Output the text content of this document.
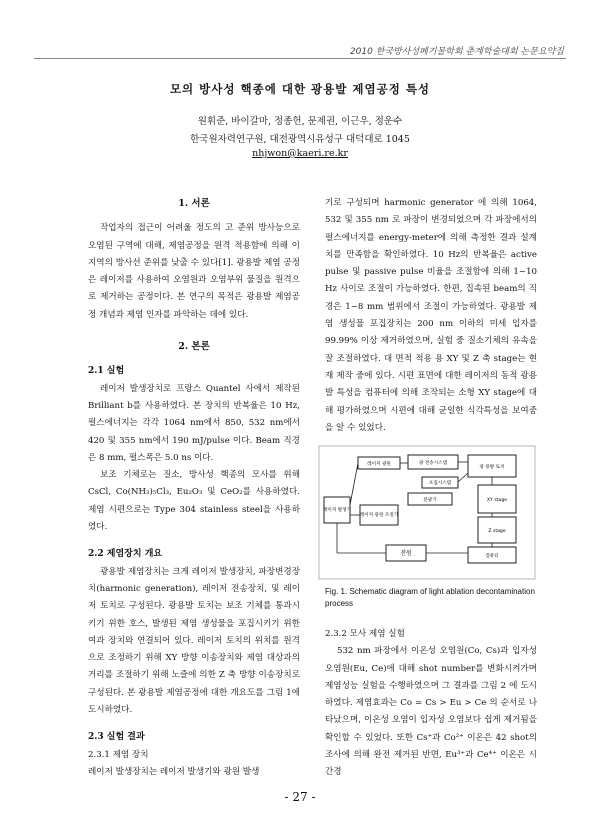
2010 한국방사성폐기물학회 춘계학술대회 논문요약집
모의 방사성 핵종에 대한 광용발 제염공정 특성
원휘준, 바이갈마, 정종헌, 문제권, 이근우, 정운수
한국원자력연구원, 대전광역시유성구 대덕대로 1045
nhjwon@kaeri.re.kr
1. 서론

작업자의 접근이 어려울 정도의 고 준위 방사능으로 오염된 구역에 대해, 제염공정을 원격 적용함에 의해 이 지역의 방사선 준위를 낮출 수 있다[1]. 광용발 제염 공정은 레이저를 사용하여 오염원과 오염부위 물질을 원격으로 제거하는 공정이다. 본 연구의 목적은 광용발 제염공정 개념과 제염 인자를 파악하는 데에 있다.

2. 본론
2.1 실험

레이저 발생장치로 프랑스 Quantel 사에서 제작된 Brilliant b를 사용하였다. 본 장치의 반복율은 10 Hz, 펄스에너지는 각각 1064 nm에서 850, 532 nm에서 420 및 355 nm에서 190 mJ/pulse 이다. Beam 직경은 8 mm, 펄스폭은 5.0 ns 이다.

보조 기체로는 질소, 방사성 핵종의 모사를 위해 CsCl, Co(NH₃)₅Cl₃, Eu₂O₃ 및 CeO₂를 사용하였다. 제염 시편으로는 Type 304 stainless steel을 사용하였다.

2.2 제염장치 개요

광용발 제염장치는 크게 레이저 발생장치, 파장변경장치(harmonic generation), 레이저 전송장치, 및 레이저 토치로 구성된다. 광용발 토치는 보조 기체를 통과시키기 위한 호스, 발생된 제염 생성물을 포집시키기 위한 여과 장치와 연결되어 있다. 레이저 토치의 위치를 원격으로 조정하기 위해 XY 방향 이송장치와 제염 대상과의 거리를 조절하기 위해 노즐에 의한 Z 축 방향 이송장치로 구성된다. 본 광용발 제염공정에 대한 개요도를 그림 1에 도시하였다.

2.3 실험 결과
2.3.1 제염 장치

레이저 발생장치는 레이저 발생기와 광원 발생

기로 구성되며 harmonic generator 에 의해 1064, 532 및 355 nm 로 파장이 변경되었으며 각 파장에서의 펄스에너지를 energy-meter에 의해 측정한 결과 설계치를 만족함을 확인하였다. 10 Hz의 반복율은 active pulse 및 passive pulse 비율을 조절함에 의해 1~10 Hz 사이로 조절이 가능하였다. 한편, 집속된 beam의 직경은 1~8 mm 범위에서 조절이 가능하였다. 광용발 제염 생성물 포집장치는 200 nm 이하의 미세 입자를 99.99% 이상 제거하였으며, 실험 중 질소기체의 유속을 잘 조절하였다. 대 면적 적용 용 XY 및 Z 축 stage는 현재 제작 중에 있다. 시편 표면에 대한 레이저의 동적 광용발 특성을 컴퓨터에 의해 조작되는 소형 XY stage에 대해 평가하였으며 시편에 대해 균일한 식각특성을 보여줌을 알 수 있었다.

레이저 발생기
레이저 광원	광 전송시스템
광 용발 토치
포집시스템
분광기	XY stage
Z stage
레이저 광원 조절기
전원	컴퓨터
Fig. 1. Schematic diagram of light ablation decontamination process
2.3.2 모사 제염 실험

532 nm 파장에서 이온성 오염원(Co, Cs)과 입자성 오염원(Eu, Ce)에 대해 shot number를 변화시켜가며 제염성능 실험을 수행하였으며 그 결과를 그림 2 에 도시하였다. 제염효과는 Co = Cs > Eu > Ce 의 순서로 나타났으며, 이온성 오염이 입자성 오염보다 쉽게 제거됨을 확인할 수 있었다. 또한 Cs⁺과 Co²⁺ 이온은 42 shot의 조사에 의해 완전 제거된 반면, Eu³⁺과 Ce⁴⁺ 이온은 시간경

- 27 -
